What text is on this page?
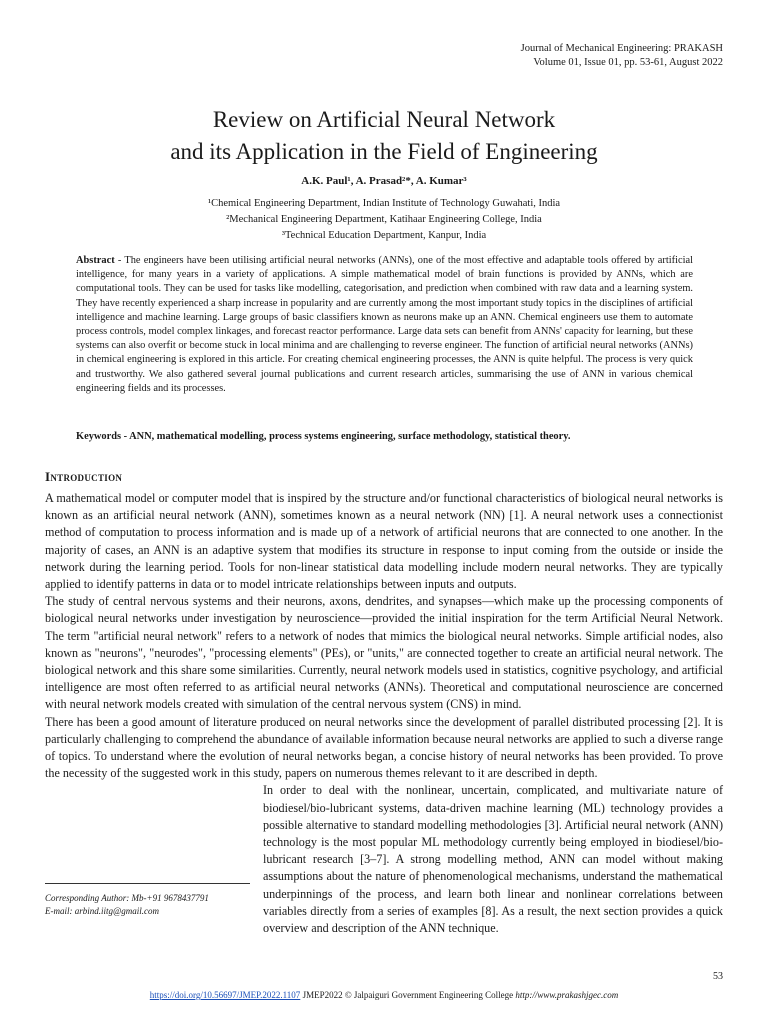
Journal of Mechanical Engineering: PRAKASH
Volume 01, Issue 01, pp. 53-61, August 2022
Review on Artificial Neural Network
and its Application in the Field of Engineering
A.K. Paul¹, A. Prasad²*, A. Kumar³
¹Chemical Engineering Department, Indian Institute of Technology Guwahati, India
²Mechanical Engineering Department, Katihaar Engineering College, India
³Technical Education Department, Kanpur, India
Abstract - The engineers have been utilising artificial neural networks (ANNs), one of the most effective and adaptable tools offered by artificial intelligence, for many years in a variety of applications. A simple mathematical model of brain functions is provided by ANNs, which are computational tools. They can be used for tasks like modelling, categorisation, and prediction when combined with raw data and a learning system. They have recently experienced a sharp increase in popularity and are currently among the most important study topics in the disciplines of artificial intelligence and machine learning. Large groups of basic classifiers known as neurons make up an ANN. Chemical engineers use them to automate process controls, model complex linkages, and forecast reactor performance. Large data sets can benefit from ANNs' capacity for learning, but these systems can also overfit or become stuck in local minima and are challenging to reverse engineer. The function of artificial neural networks (ANNs) in chemical engineering is explored in this article. For creating chemical engineering processes, the ANN is quite helpful. The process is very quick and trustworthy. We also gathered several journal publications and current research articles, summarising the use of ANN in various chemical engineering fields and its processes.
Keywords - ANN, mathematical modelling, process systems engineering, surface methodology, statistical theory.
Introduction

A mathematical model or computer model that is inspired by the structure and/or functional characteristics of biological neural networks is known as an artificial neural network (ANN), sometimes known as a neural network (NN) [1]. A neural network uses a connectionist method of computation to process information and is made up of a network of artificial neurons that are connected to one another. In the majority of cases, an ANN is an adaptive system that modifies its structure in response to input coming from the outside or inside the network during the learning period. Tools for non-linear statistical data modelling include modern neural networks. They are typically applied to identify patterns in data or to model intricate relationships between inputs and outputs.

The study of central nervous systems and their neurons, axons, dendrites, and synapses—which make up the processing components of biological neural networks under investigation by neuroscience—provided the initial inspiration for the term Artificial Neural Network. The term "artificial neural network" refers to a network of nodes that mimics the biological neural networks. Simple artificial nodes, also known as "neurons", "neurodes", "processing elements" (PEs), or "units," are connected together to create an artificial neural network. The biological network and this share some similarities. Currently, neural network models used in statistics, cognitive psychology, and artificial intelligence are most often referred to as artificial neural networks (ANNs). Theoretical and computational neuroscience are concerned with neural network models created with simulation of the central nervous system (CNS) in mind.

There has been a good amount of literature produced on neural networks since the development of parallel distributed processing [2]. It is particularly challenging to comprehend the abundance of available information because neural networks are applied to such a diverse range of topics. To understand where the evolution of neural networks began, a concise history of neural networks has been provided. To prove the necessity of the suggested work in this study, papers on numerous themes relevant to it are described in depth.

In order to deal with the nonlinear, uncertain, complicated, and multivariate nature of biodiesel/bio-lubricant systems, data-driven machine learning (ML) technology provides a possible alternative to standard modelling methodologies [3]. Artificial neural network (ANN) technology is the most popular ML methodology currently being employed in biodiesel/bio-lubricant research [3–7]. A strong modelling method, ANN can model without making assumptions about the nature of phenomenological mechanisms, understand the mathematical underpinnings of the process, and learn both linear and nonlinear correlations between variables directly from a series of examples [8]. As a result, the next section provides a quick overview and description of the ANN technique.

Corresponding Author: Mb-+91 9678437791
E-mail: arbind.iitg@gmail.com
53
https://doi.org/10.56697/JMEP.2022.1107 JMEP2022 © Jalpaiguri Government Engineering College http://www.prakashjgec.com
